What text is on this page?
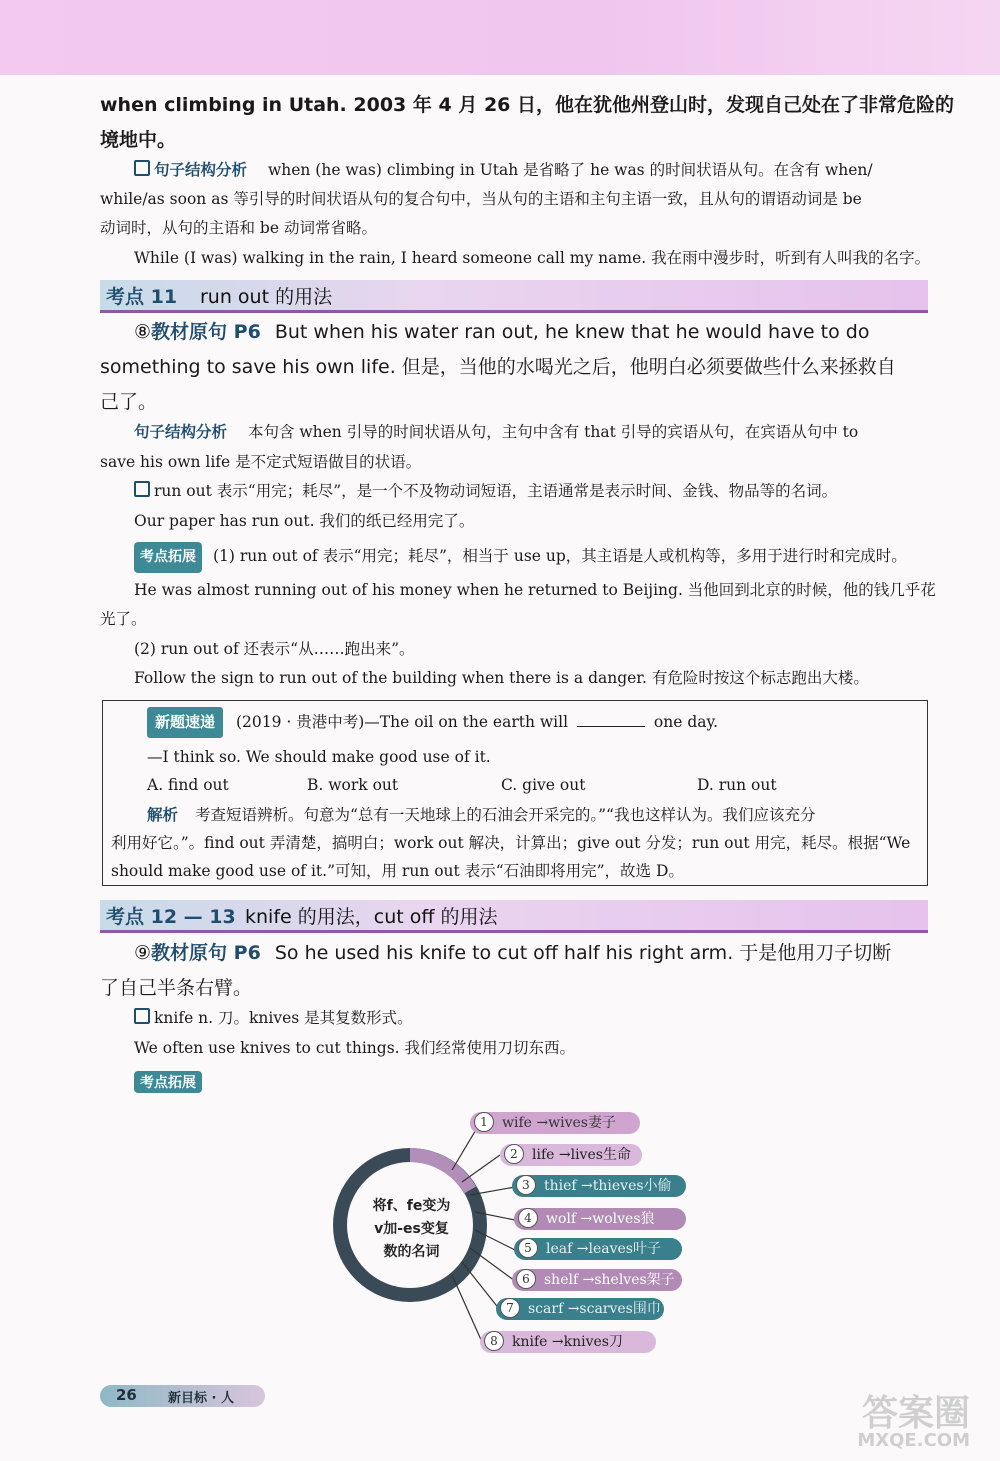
when climbing in Utah. 2003 年 4 月 26 日，他在犹他州登山时，发现自己处在了非常危险的
境地中。
句子结构分析 when (he was) climbing in Utah 是省略了 he was 的时间状语从句。在含有 when/
while/as soon as 等引导的时间状语从句的复合句中，当从句的主语和主句主语一致，且从句的谓语动词是 be
动词时，从句的主语和 be 动词常省略。
While (I was) walking in the rain, I heard someone call my name. 我在雨中漫步时，听到有人叫我的名字。
考点 11 run out 的用法
⑧教材原句 P6 But when his water ran out, he knew that he would have to do
something to save his own life. 但是，当他的水喝光之后，他明白必须要做些什么来拯救自
己了。
句子结构分析 本句含 when 引导的时间状语从句，主句中含有 that 引导的宾语从句，在宾语从句中 to
save his own life 是不定式短语做目的状语。
run out 表示“用完；耗尽”，是一个不及物动词短语，主语通常是表示时间、金钱、物品等的名词。
Our paper has run out. 我们的纸已经用完了。
考点拓展 (1) run out of 表示“用完；耗尽”，相当于 use up，其主语是人或机构等，多用于进行时和完成时。
He was almost running out of his money when he returned to Beijing. 当他回到北京的时候，他的钱几乎花
光了。
(2) run out of 还表示“从……跑出来”。
Follow the sign to run out of the building when there is a danger. 有危险时按这个标志跑出大楼。
新题速递 (2019 · 贵港中考)—The oil on the earth will	one day.
—I think so. We should make good use of it.
A. find out	B. work out	C. give out	D. run out
解析 考查短语辨析。句意为“总有一天地球上的石油会开采完的。”“我也这样认为。我们应该充分
利用好它。”。find out 弄清楚，搞明白；work out 解决，计算出；give out 分发；run out 用完，耗尽。根据“We
should make good use of it.”可知，用 run out 表示“石油即将用完”，故选 D。
考点 12 — 13 knife 的用法，cut off 的用法
⑨教材原句 P6 So he used his knife to cut off half his right arm. 于是他用刀子切断
了自己半条右臂。
knife n. 刀。knives 是其复数形式。
We often use knives to cut things. 我们经常使用刀切东西。
考点拓展
将f、fe变为
v加-es变复
数的名词
1	wife →wives妻子
2	life →lives生命
3	thief →thieves小偷
4	wolf →wolves狼
5	leaf →leaves叶子
6	shelf →shelves架子
7	scarf →scarves围巾
8	knife →knives刀
26 新目标 · 人	答案圈
MXQE.COM
